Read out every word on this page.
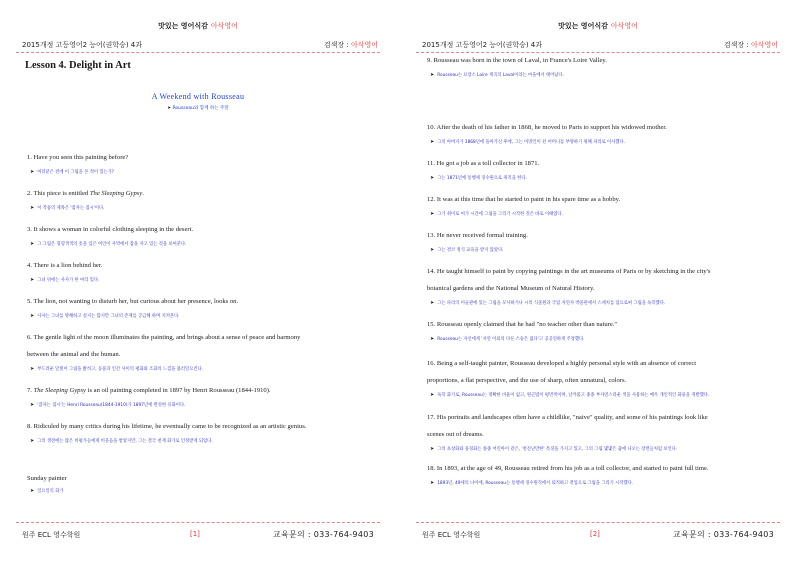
맛있는 영어식감 아삭영어
2015개정 고등영어2 능어(권학승) 4과	검색장 : 아삭영어
Lesson 4. Delight in Art
A Weekend with Rousseau
➤ Rousseau와 함께 하는 주말
1. Have you seen this painting before?
➤ 여러분은 전에 이 그림을 본 적이 있는가?
2. This piece is entitled The Sleeping Gypsy.
➤ 이 작품의 제목은 '잠자는 집시'이다.
3. It shows a woman in colorful clothing sleeping in the desert.
➤ 그 그림은 형형색색의 옷을 입은 여인이 사막에서 잠을 자고 있는 것을 보여준다.
4. There is a lion behind her.
➤ 그녀 뒤에는 사자가 한 마리 있다.
5. The lion, not wanting to disturb her, but curious about her presence, looks on.
➤ 사자는 그녀를 방해하고 싶지는 않지만 그녀의 존재를 궁금해 하며 지켜본다.
6. The gentle light of the moon illuminates the painting, and brings about a sense of peace and harmony
between the animal and the human.
➤ 부드러운 달빛이 그림을 밝히고, 동물과 인간 사이의 평화와 조화의 느낌을 불러일으킨다.
7. The Sleeping Gypsy is an oil painting completed in 1897 by Henri Rousseau (1844-1910).
➤ '잠자는 집시'는 Henri Rousseau(1844-1910)가 1897년에 완성한 유화이다.
8. Ridiculed by many critics during his lifetime, he eventually came to be recognized as an artistic genius.
➤ 그의 생전에는 많은 비평가들에게 비웃음을 받았지만, 그는 결국 천재 화가로 인정받게 되었다.
Sunday painter
➤ 일요일의 화가
원주 ECL 영수학원	[1]	교육문의 : 033-764-9403
맛있는 영어식감 아삭영어
2015개정 고등영어2 능어(권학승) 4과	검색장 : 아삭영어
9. Rousseau was born in the town of Laval, in France's Loire Valley.
➤ Rousseau는 프랑스 Loire 계곡의 Laval이라는 마을에서 태어났다.
10. After the death of his father in 1868, he moved to Paris to support his widowed mother.
➤ 그의 아버지가 1868년에 돌아가신 후에, 그는 미망인이 된 어머니를 부양하기 위해 파리로 이사했다.
11. He got a job as a toll collector in 1871.
➤ 그는 1871년에 통행세 징수원으로 취직을 한다.
12. It was at this time that he started to paint in his spare time as a hobby.
➤ 그가 취미로 여가 시간에 그림을 그리기 시작한 것은 바로 이때였다.
13. He never received formal training.
➤ 그는 결코 정식 교육을 받지 않았다.
14. He taught himself to paint by copying paintings in the art museums of Paris or by sketching in the city's
botanical gardens and the National Museum of Natural History.
➤ 그는 파리의 미술관에 있는 그림을 모사하거나 시의 식물원과 국립 자연사 박물관에서 스케치를 함으로써 그림을 독학했다.
15. Rousseau openly claimed that he had "no teacher other than nature."
➤ Rousseau는 자신에게 '자연 이외의 다른 스승은 없다'고 공공연하게 주장했다.
16. Being a self-taught painter, Rousseau developed a highly personal style with an absence of correct
proportions, a flat perspective, and the use of sharp, often unnatural, colors.
➤ 독학 화가로, Rousseau는 정확한 비율이 없고, 원근법이 평면적이며, 날카롭고 종종 부자연스러운 색을 사용하는 매우 개인적인 화풍을 개발했다.
17. His portraits and landscapes often have a childlike, "naive" quality, and some of his paintings look like
scenes out of dreams.
➤ 그의 초상화와 풍경화는 종종 어린아이 같은, '천진난만한' 특징을 가지고 있고, 그의 그림 몇몇은 꿈에 나오는 장면들처럼 보인다.
18. In 1893, at the age of 49, Rousseau retired from his job as a toll collector, and started to paint full time.
➤ 1893년, 49세의 나이에, Rousseau는 통행세 징수원직에서 퇴직하고 전업으로 그림을 그리기 시작했다.
원주 ECL 영수학원	[2]	교육문의 : 033-764-9403
